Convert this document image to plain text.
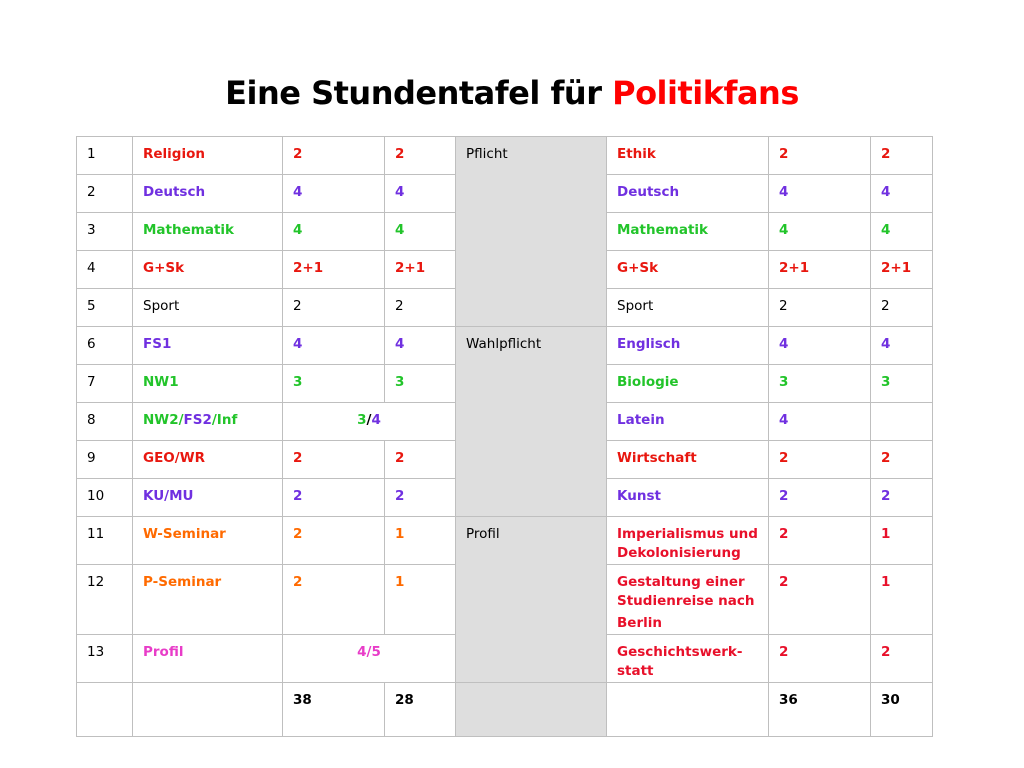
Eine Stundentafel für Politikfans
1	Religion	2	2	Pflicht	Ethik	2	2
2	Deutsch	4	4		Deutsch	4	4
3	Mathematik	4	4		Mathematik	4	4
4	G+Sk	2+1	2+1		G+Sk	2+1	2+1
5	Sport	2	2		Sport	2	2
6	FS1	4	4	Wahlpflicht	Englisch	4	4
7	NW1	3	3		Biologie	3	3
8	NW2/FS2/Inf	3/4			Latein	4	
9	GEO/WR	2	2		Wirtschaft	2	2
10	KU/MU	2	2		Kunst	2	2
11	W-Seminar	2	1	Profil	Imperialismus und Dekolonisierung	2	1
12	P-Seminar	2	1		Gestaltung einer
Studienreise nach
Berlin	2	1
13	Profil	4/5			Geschichtswerk-
statt	2	2
		38	28			36	30
